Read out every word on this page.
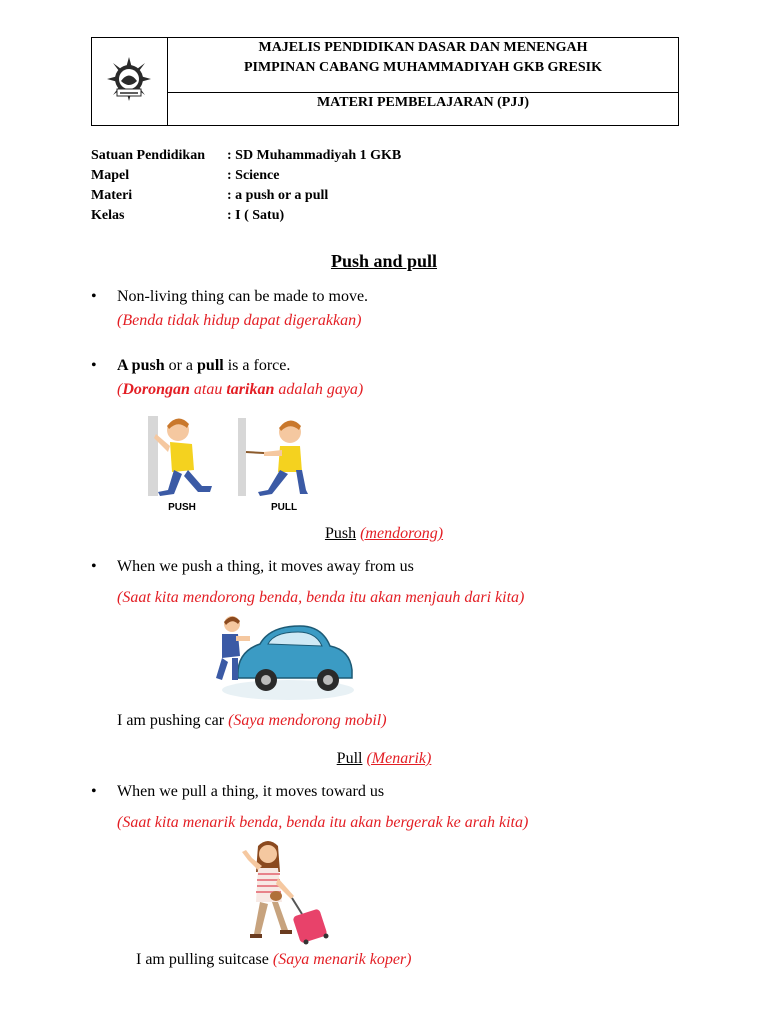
MAJELIS PENDIDIKAN DASAR DAN MENENGAH
PIMPINAN CABANG MUHAMMADIYAH GKB GRESIK
MATERI PEMBELAJARAN (PJJ)
Satuan Pendidikan : SD Muhammadiyah 1 GKB
Mapel	: Science
Materi	: a push or a pull
Kelas	: I ( Satu)
Push and pull
• Non-living thing can be made to move.
(Benda tidak hidup dapat digerakkan)
• A push or a pull is a force.
(Dorongan atau tarikan adalah gaya)
PUSH	PULL
Push (mendorong)
• When we push a thing, it moves away from us
(Saat kita mendorong benda, benda itu akan menjauh dari kita)
I am pushing car (Saya mendorong mobil)
Pull (Menarik)
• When we pull a thing, it moves toward us
(Saat kita menarik benda, benda itu akan bergerak ke arah kita)
I am pulling suitcase (Saya menarik koper)
